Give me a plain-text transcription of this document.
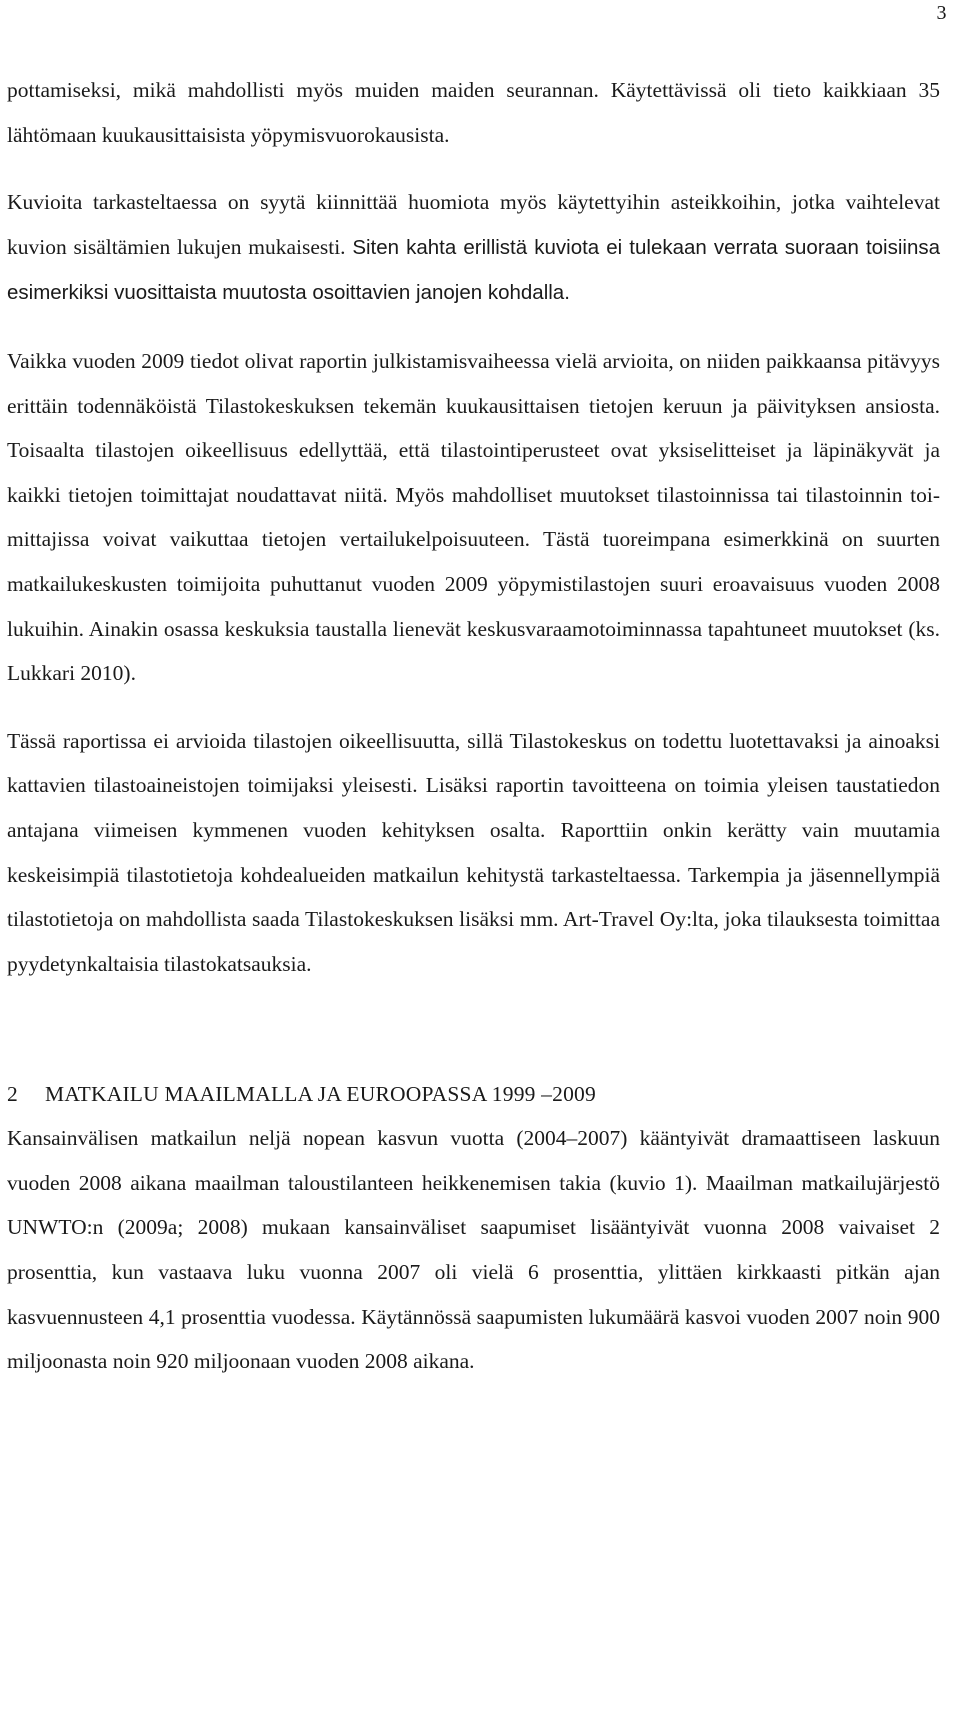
3

pottamiseksi, mikä mahdollisti myös muiden maiden seurannan. Käytettävissä oli tieto kaikkiaan 35 lähtömaan kuukausittaisista yöpymisvuorokausista.

Kuvioita tarkasteltaessa on syytä kiinnittää huomiota myös käytettyihin asteikkoihin, jotka vaihtelevat kuvion sisältämien lukujen mukaisesti. Siten kahta erillistä kuviota ei tulekaan verrata suoraan toisiinsa esimerkiksi vuosittaista muutosta osoittavien janojen kohdalla.

Vaikka vuoden 2009 tiedot olivat raportin julkistamisvaiheessa vielä arvioita, on niiden paikkaansa pitävyys erittäin todennäköistä Tilastokeskuksen tekemän kuukausittaisen tietojen keruun ja päivityksen ansiosta. Toisaalta tilastojen oikeellisuus edellyttää, että tilastointiperusteet ovat yksiselitteiset ja läpinäkyvät ja kaikki tietojen toimittajat noudattavat niitä. Myös mahdolliset muutokset tilastoinnissa tai tilastoinnin toimittajissa voivat vaikuttaa tietojen vertailukelpoisuuteen. Tästä tuoreimpana esimerkkinä on suurten matkailukeskusten toimijoita puhuttanut vuoden 2009 yöpymistilastojen suuri eroavaisuus vuoden 2008 lukuihin. Ainakin osassa keskuksia taustalla lienevät keskusvaraamotoiminnassa tapahtuneet muutokset (ks. Lukkari 2010).

Tässä raportissa ei arvioida tilastojen oikeellisuutta, sillä Tilastokeskus on todettu luotettavaksi ja ainoaksi kattavien tilastoaineistojen toimijaksi yleisesti. Lisäksi raportin tavoitteena on toimia yleisen taustatiedon antajana viimeisen kymmenen vuoden kehityksen osalta. Raporttiin onkin kerätty vain muutamia keskeisimpiä tilastotietoja kohdealueiden matkailun kehitystä tarkasteltaessa. Tarkempia ja jäsennellympiä tilastotietoja on mahdollista saada Tilastokeskuksen lisäksi mm. Art-Travel Oy:lta, joka tilauksesta toimittaa pyydetynkaltaisia tilastokatsauksia.

2 MATKAILU MAAILMALLA JA EUROOPASSA 1999 –2009

Kansainvälisen matkailun neljä nopean kasvun vuotta (2004–2007) kääntyivät dramaattiseen laskuun vuoden 2008 aikana maailman taloustilanteen heikkenemisen takia (kuvio 1). Maailman matkailujärjestö UNWTO:n (2009a; 2008) mukaan kansainväliset saapumiset lisääntyivät vuonna 2008 vaivaiset 2 prosenttia, kun vastaava luku vuonna 2007 oli vielä 6 prosenttia, ylittäen kirkkaasti pitkän ajan kasvuennusteen 4,1 prosenttia vuodessa. Käytännössä saapumisten lukumäärä kasvoi vuoden 2007 noin 900 miljoonasta noin 920 miljoonaan vuoden 2008 aikana.
